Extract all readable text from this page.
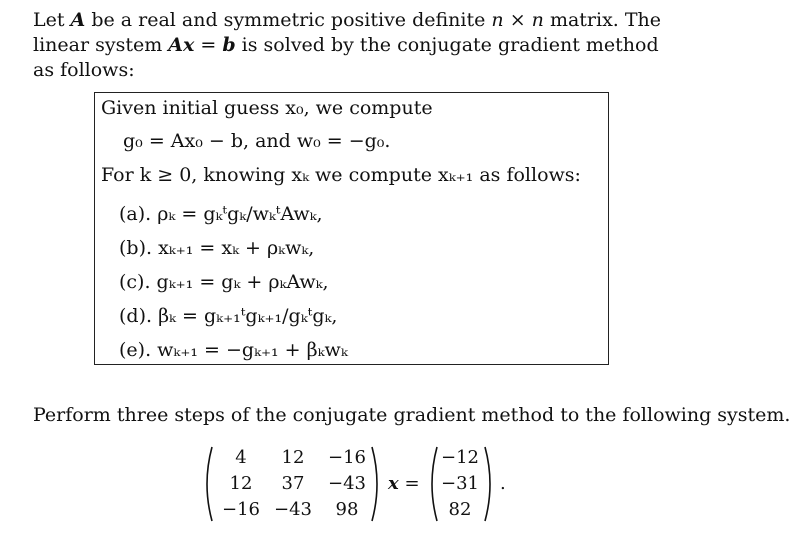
Let A be a real and symmetric positive definite n × n matrix. The linear system Ax = b is solved by the conjugate gradient method as follows:
Given initial guess x₀, we compute
g₀ = Ax₀ − b, and w₀ = −g₀.
For k ≥ 0, knowing xₖ we compute xₖ₊₁ as follows:
(a). ρₖ = gₖᵗgₖ/wₖᵗAwₖ,
(b). xₖ₊₁ = xₖ + ρₖwₖ,
(c). gₖ₊₁ = gₖ + ρₖAwₖ,
(d). βₖ = gₖ₊₁ᵗgₖ₊₁/gₖᵗgₖ,
(e). wₖ₊₁ = −gₖ₊₁ + βₖwₖ
Perform three steps of the conjugate gradient method to the following system.
4	12	−16
12	37	−43
−16 −43	98
x =
−12
−31
82
.
